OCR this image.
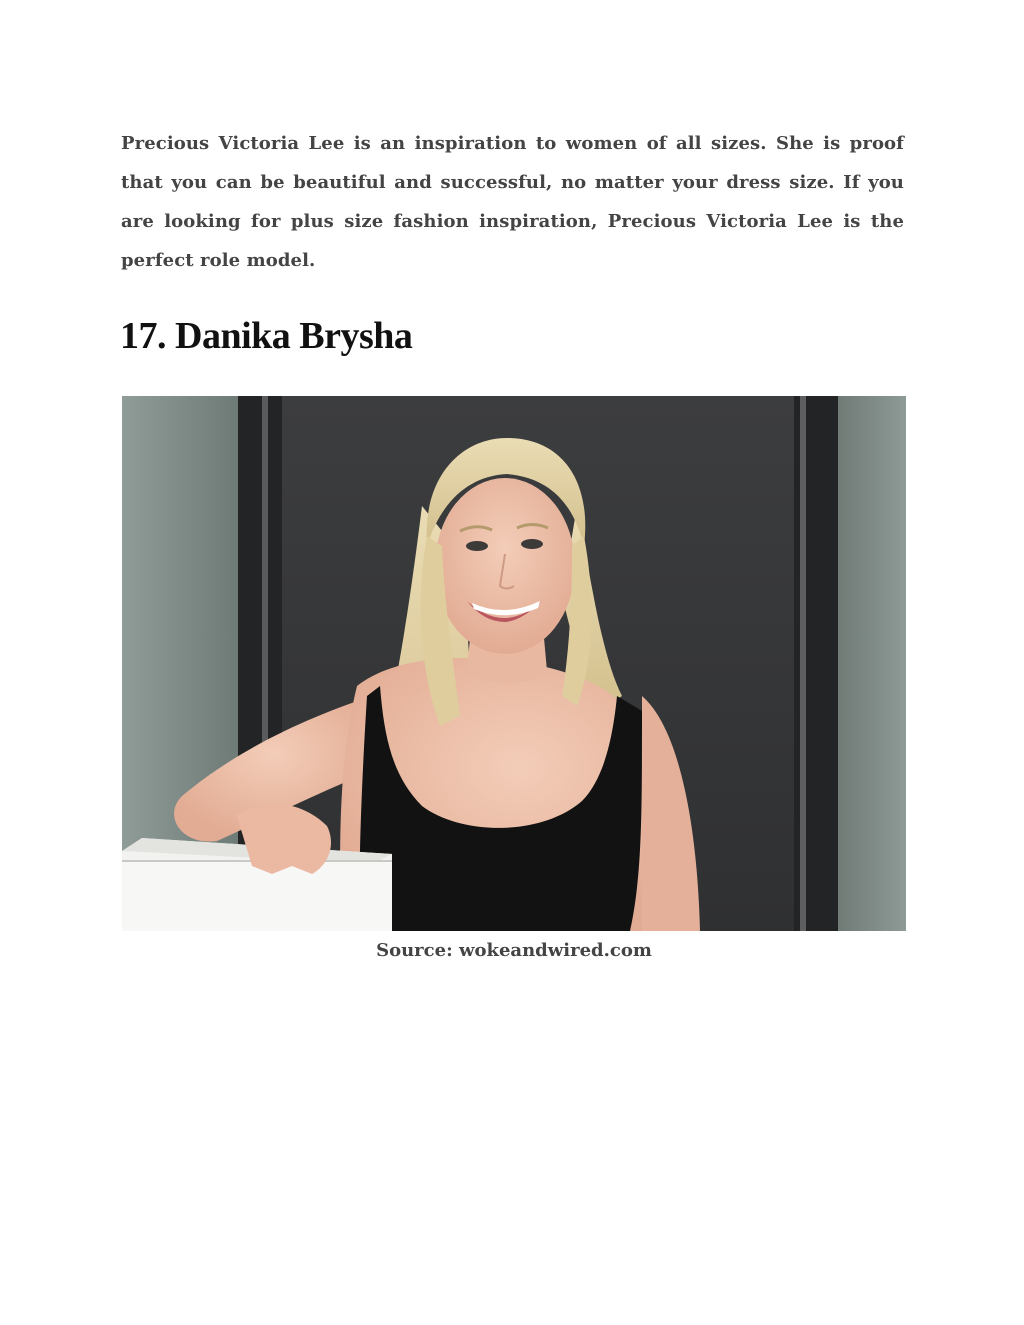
Precious Victoria Lee is an inspiration to women of all sizes. She is proof that you can be beautiful and successful, no matter your dress size. If you are looking for plus size fashion inspiration, Precious Victoria Lee is the perfect role model.

17. Danika Brysha

Source: wokeandwired.com
